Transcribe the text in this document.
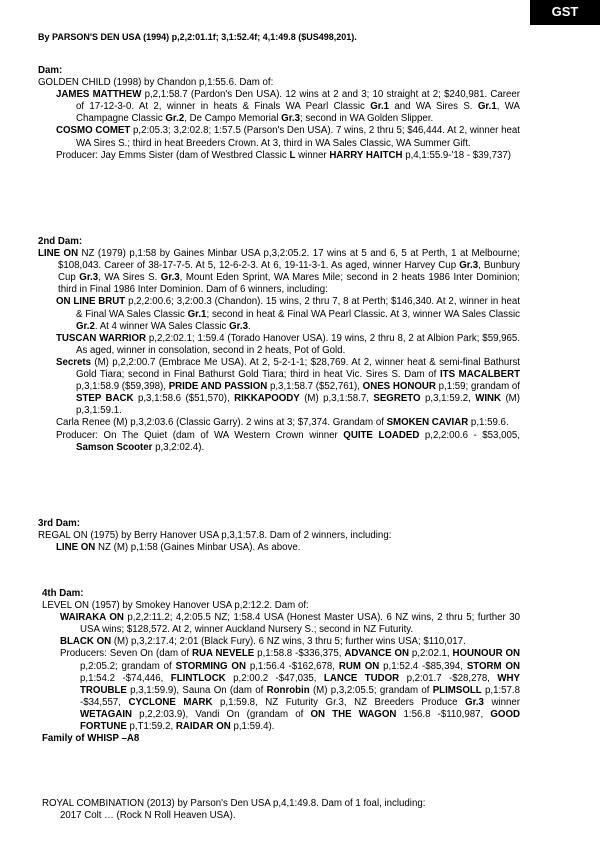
GST
By PARSON'S DEN USA (1994) p,2,2:01.1f; 3,1:52.4f; 4,1:49.8 ($US498,201).

Dam:

GOLDEN CHILD (1998) by Chandon p,1:55.6. Dam of:

JAMES MATTHEW p,2,1:58.7 (Pardon's Den USA). 12 wins at 2 and 3; 10 straight at 2; $240,981. Career of 17-12-3-0. At 2, winner in heats & Finals WA Pearl Classic Gr.1 and WA Sires S. Gr.1, WA Champagne Classic Gr.2, De Campo Memorial Gr.3; second in WA Golden Slipper.

COSMO COMET p,2:05.3; 3,2:02.8; 1:57.5 (Parson's Den USA). 7 wins, 2 thru 5; $46,444. At 2, winner heat WA Sires S.; third in heat Breeders Crown. At 3, third in WA Sales Classic, WA Summer Gift.

Producer: Jay Emms Sister (dam of Westbred Classic L winner HARRY HAITCH p,4,1:55.9-'18 - $39,737)

2nd Dam:

LINE ON NZ (1979) p,1:58 by Gaines Minbar USA p,3,2:05.2. 17 wins at 5 and 6, 5 at Perth, 1 at Melbourne; $108,043. Career of 38-17-7-5. At 5, 12-6-2-3. At 6, 19-11-3-1. As aged, winner Harvey Cup Gr.3, Bunbury Cup Gr.3, WA Sires S. Gr.3, Mount Eden Sprint, WA Mares Mile; second in 2 heats 1986 Inter Dominion; third in Final 1986 Inter Dominion. Dam of 6 winners, including:

ON LINE BRUT p,2,2:00.6; 3,2:00.3 (Chandon). 15 wins, 2 thru 7, 8 at Perth; $146,340. At 2, winner in heat & Final WA Sales Classic Gr.1; second in heat & Final WA Pearl Classic. At 3, winner WA Sales Classic Gr.2. At 4 winner WA Sales Classic Gr.3.

TUSCAN WARRIOR p,2,2:02.1; 1:59.4 (Torado Hanover USA). 19 wins, 2 thru 8, 2 at Albion Park; $59,965. As aged, winner in consolation, second in 2 heats, Pot of Gold.

Secrets (M) p,2,2:00.7 (Embrace Me USA). At 2, 5-2-1-1; $28,769. At 2, winner heat & semi-final Bathurst Gold Tiara; second in Final Bathurst Gold Tiara; third in heat Vic. Sires S. Dam of ITS MACALBERT p,3,1:58.9 ($59,398), PRIDE AND PASSION p,3,1:58.7 ($52,761), ONES HONOUR p,1:59; grandam of STEP BACK p,3,1:58.6 ($51,570), RIKKAPOODY (M) p,3,1:58.7, SEGRETO p,3,1:59.2, WINK (M) p,3,1:59.1.

Carla Renee (M) p,3,2:03.6 (Classic Garry). 2 wins at 3; $7,374. Grandam of SMOKEN CAVIAR p,1:59.6.

Producer: On The Quiet (dam of WA Western Crown winner QUITE LOADED p,2,2:00.6 - $53,005, Samson Scooter p,3,2:02.4).

3rd Dam:

REGAL ON (1975) by Berry Hanover USA p,3,1:57.8. Dam of 2 winners, including:

LINE ON NZ (M) p,1:58 (Gaines Minbar USA). As above.

4th Dam:

LEVEL ON (1957) by Smokey Hanover USA p,2:12.2. Dam of:

WAIRAKA ON p,2,2:11.2; 4,2:05.5 NZ; 1:58.4 USA (Honest Master USA). 6 NZ wins, 2 thru 5; further 30 USA wins; $128,572. At 2, winner Auckland Nursery S.; second in NZ Futurity.

BLACK ON (M) p,3,2:17.4; 2:01 (Black Fury). 6 NZ wins, 3 thru 5; further wins USA; $110,017.

Producers: Seven On (dam of RUA NEVELE p,1:58.8 -$336,375, ADVANCE ON p,2:02.1, HOUNOUR ON p,2:05.2; grandam of STORMING ON p,1:56.4 -$162,678, RUM ON p,1:52.4 -$85,394, STORM ON p,1:54.2 -$74,446, FLINTLOCK p,2:00.2 -$47,035, LANCE TUDOR p,2:01.7 -$28,278, WHY TROUBLE p,3,1:59.9), Sauna On (dam of Ronrobin (M) p,3,2:05.5; grandam of PLIMSOLL p,1:57.8 -$34,557, CYCLONE MARK p,1:59.8, NZ Futurity Gr.3, NZ Breeders Produce Gr.3 winner WETAGAIN p,2,2:03.9), Vandi On (grandam of ON THE WAGON 1:56.8 -$110,987, GOOD FORTUNE p,T1:59.2, RAIDAR ON p,1:59.4).

Family of WHISP –A8

ROYAL COMBINATION (2013) by Parson's Den USA p,4,1:49.8. Dam of 1 foal, including:

2017 Colt … (Rock N Roll Heaven USA).
